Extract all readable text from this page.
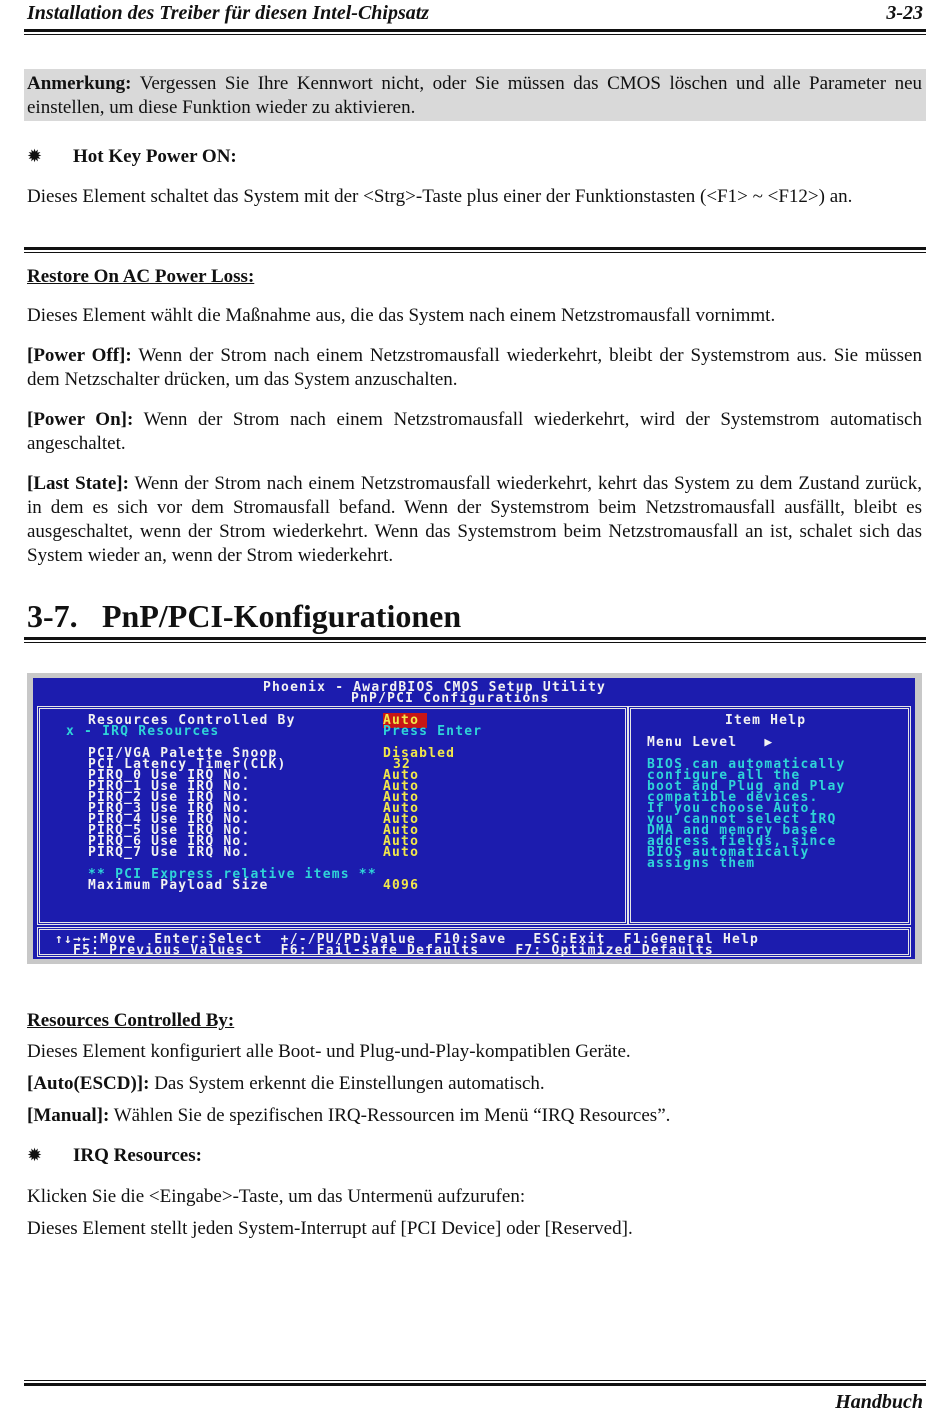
Installation des Treiber für diesen Intel-Chipsatz	3-23
Anmerkung: Vergessen Sie Ihre Kennwort nicht, oder Sie müssen das CMOS löschen und alle Parameter neu einstellen, um diese Funktion wieder zu aktivieren.
✹ Hot Key Power ON:
Dieses Element schaltet das System mit der <Strg>-Taste plus einer der Funktionstasten (<F1> ~ <F12>) an.
Restore On AC Power Loss:
Dieses Element wählt die Maßnahme aus, die das System nach einem Netzstromausfall vornimmt.
[Power Off]: Wenn der Strom nach einem Netzstromausfall wiederkehrt, bleibt der Systemstrom aus. Sie müssen dem Netzschalter drücken, um das System anzuschalten.
[Power On]: Wenn der Strom nach einem Netzstromausfall wiederkehrt, wird der Systemstrom automatisch angeschaltet.
[Last State]: Wenn der Strom nach einem Netzstromausfall wiederkehrt, kehrt das System zu dem Zustand zurück, in dem es sich vor dem Stromausfall befand. Wenn der Systemstrom beim Netzstromausfall ausfällt, bleibt es ausgeschaltet, wenn der Strom wiederkehrt. Wenn das Systemstrom beim Netzstromausfall an ist, schalet sich das System wieder an, wenn der Strom wiederkehrt.
3-7. PnP/PCI-Konfigurationen
Phoenix - AwardBIOS CMOS Setup Utility
PnP/PCI Configurations
Resources Controlled By	Auto
x - IRQ Resources	Press Enter
PCI/VGA Palette Snoop	Disabled
PCI Latency Timer(CLK)	32
PIRQ_0 Use IRQ No.	Auto
PIRQ_1 Use IRQ No.	Auto
PIRQ_2 Use IRQ No.	Auto
PIRQ_3 Use IRQ No.	Auto
PIRQ_4 Use IRQ No.	Auto
PIRQ_5 Use IRQ No.	Auto
PIRQ_6 Use IRQ No.	Auto
PIRQ_7 Use IRQ No.	Auto
** PCI Express relative items **
Maximum Payload Size	4096
Item Help
Menu Level   ▶
BIOS can automatically
configure all the
boot and Plug and Play
compatible devices.
If you choose Auto,
you cannot select IRQ
DMA and memory base
address fields, since
BIOS automatically
assigns them
↑↓→←:Move  Enter:Select  +/-/PU/PD:Value  F10:Save   ESC:Exit  F1:General Help
F5: Previous Values    F6: Fail-Safe Defaults    F7: Optimized Defaults
Resources Controlled By:
Dieses Element konfiguriert alle Boot- und Plug-und-Play-kompatiblen Geräte.
[Auto(ESCD)]: Das System erkennt die Einstellungen automatisch.
[Manual]: Wählen Sie de spezifischen IRQ-Ressourcen im Menü “IRQ Resources”.
✹ IRQ Resources:
Klicken Sie die <Eingabe>-Taste, um das Untermenü aufzurufen:
Dieses Element stellt jeden System-Interrupt auf [PCI Device] oder [Reserved].
Handbuch
